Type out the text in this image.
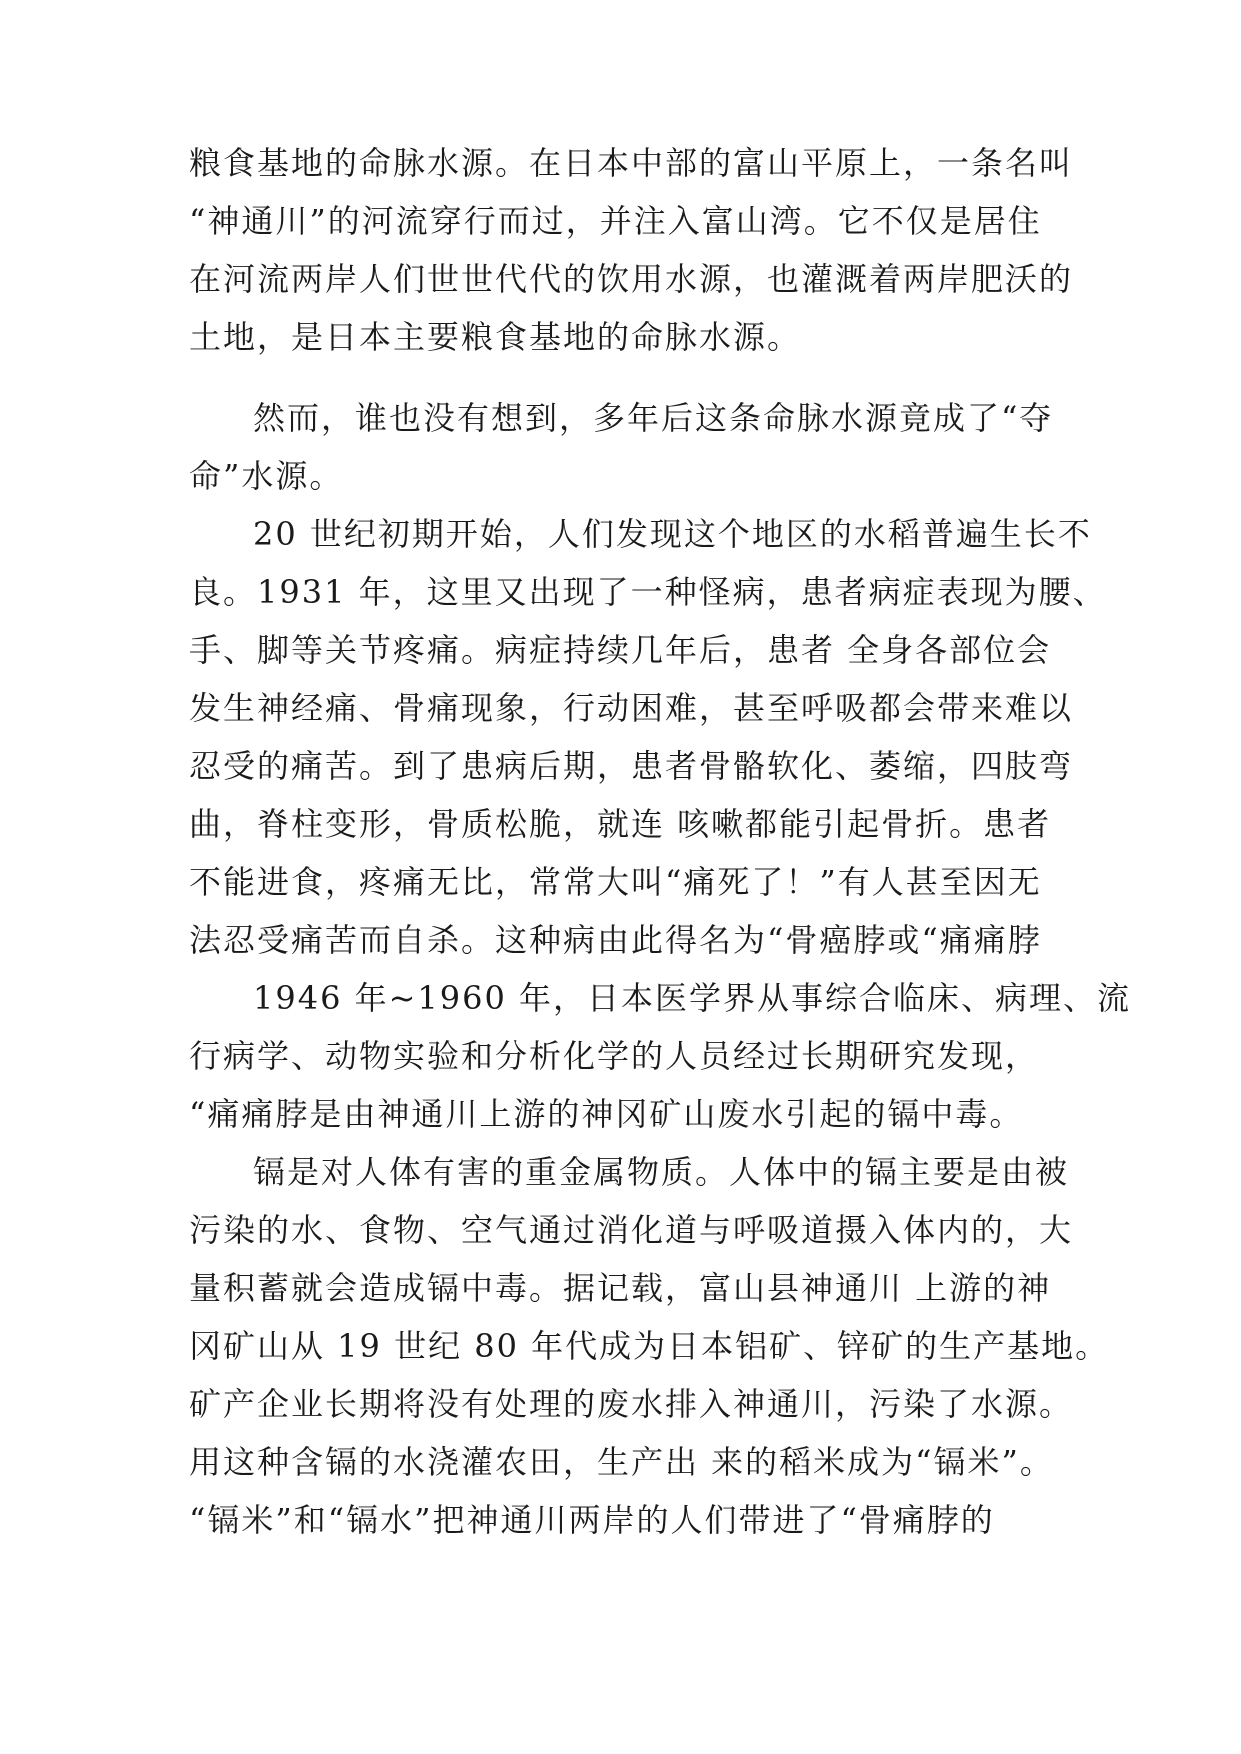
粮食基地的命脉水源。在日本中部的富山平原上，一条名叫
“神通川”的河流穿行而过，并注入富山湾。它不仅是居住
在河流两岸人们世世代代的饮用水源，也灌溉着两岸肥沃的
土地，是日本主要粮食基地的命脉水源。
然而，谁也没有想到，多年后这条命脉水源竟成了“夺
命”水源。
20 世纪初期开始，人们发现这个地区的水稻普遍生长不
良。1931 年，这里又出现了一种怪病，患者病症表现为腰、
手、脚等关节疼痛。病症持续几年后，患者 全身各部位会
发生神经痛、骨痛现象，行动困难，甚至呼吸都会带来难以
忍受的痛苦。到了患病后期，患者骨骼软化、萎缩，四肢弯
曲，脊柱变形，骨质松脆，就连 咳嗽都能引起骨折。患者
不能进食，疼痛无比，常常大叫“痛死了！”有人甚至因无
法忍受痛苦而自杀。这种病由此得名为“骨癌脖或“痛痛脖
1946 年~1960 年，日本医学界从事综合临床、病理、流
行病学、动物实验和分析化学的人员经过长期研究发现，
“痛痛脖是由神通川上游的神冈矿山废水引起的镉中毒。
镉是对人体有害的重金属物质。人体中的镉主要是由被
污染的水、食物、空气通过消化道与呼吸道摄入体内的，大
量积蓄就会造成镉中毒。据记载，富山县神通川 上游的神
冈矿山从 19 世纪 80 年代成为日本铝矿、锌矿的生产基地。
矿产企业长期将没有处理的废水排入神通川，污染了水源。
用这种含镉的水浇灌农田，生产出 来的稻米成为“镉米”。
“镉米”和“镉水”把神通川两岸的人们带进了“骨痛脖的
